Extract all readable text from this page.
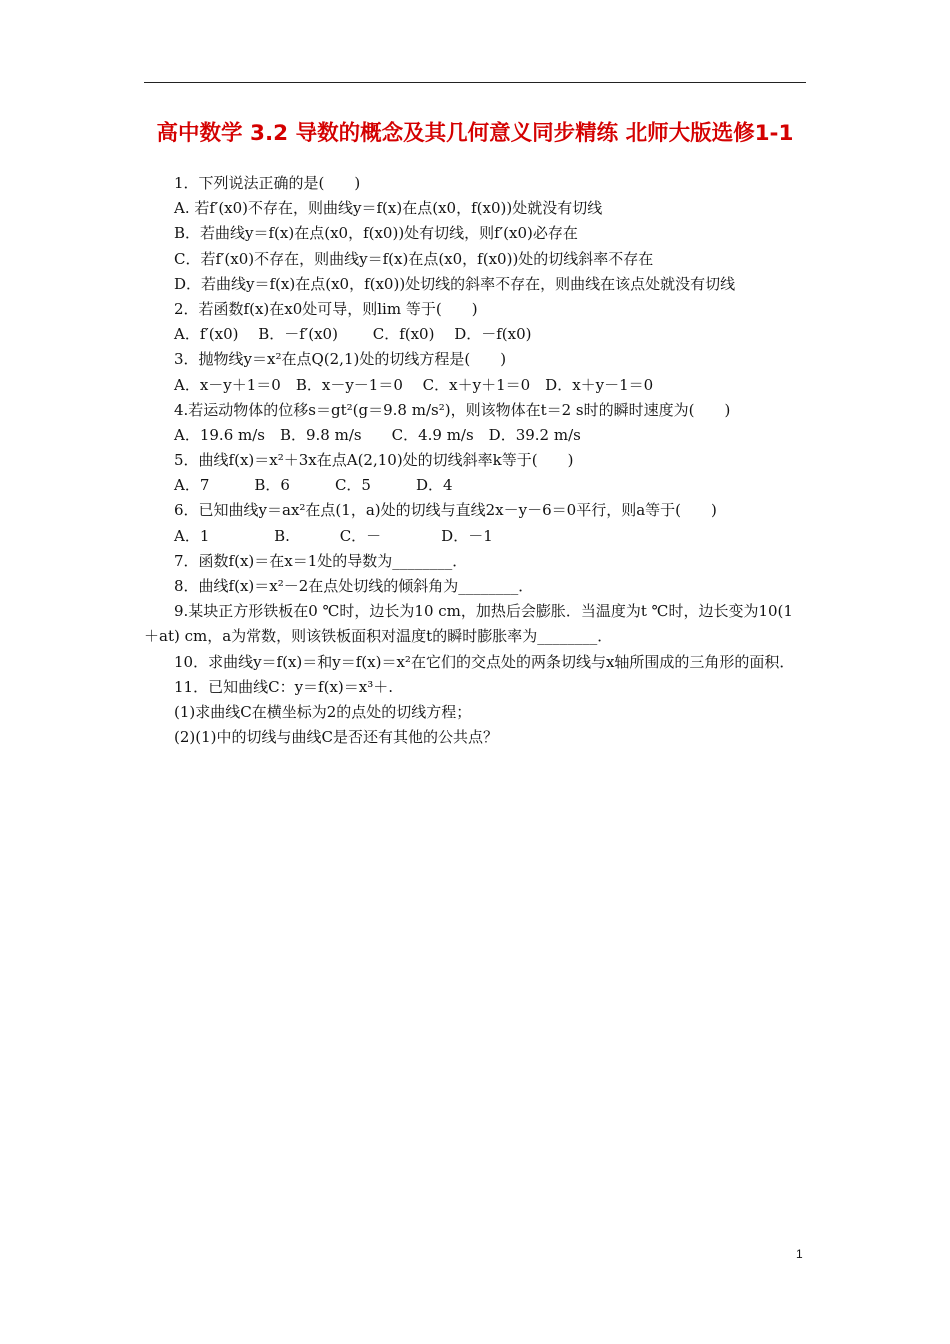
高中数学 3.2 导数的概念及其几何意义同步精练 北师大版选修1-1
1．下列说法正确的是(　　)
A. 若f′(x0)不存在，则曲线y＝f(x)在点(x0，f(x0))处就没有切线
B．若曲线y＝f(x)在点(x0，f(x0))处有切线，则f′(x0)必存在
C．若f′(x0)不存在，则曲线y＝f(x)在点(x0，f(x0))处的切线斜率不存在
D．若曲线y＝f(x)在点(x0，f(x0))处切线的斜率不存在，则曲线在该点处就没有切线
2．若函数f(x)在x0处可导，则lim 等于(　　)
A．f′(x0)　 B．－f′(x0)　　 C．f(x0)　 D．－f(x0)
3．抛物线y＝x²在点Q(2,1)处的切线方程是(　　)
A．x－y＋1＝0　B．x－y－1＝0　 C．x＋y＋1＝0　D．x＋y－1＝0
4.若运动物体的位移s＝gt²(g＝9.8 m/s²)，则该物体在t＝2 s时的瞬时速度为(　　)
A．19.6 m/s　B．9.8 m/s　　C．4.9 m/s　D．39.2 m/s
5．曲线f(x)＝x²＋3x在点A(2,10)处的切线斜率k等于(　　)
A．7　　　B．6　　　C．5　　　D．4
6．已知曲线y＝ax²在点(1，a)处的切线与直线2x－y－6＝0平行，则a等于(　　)
A．1　　　　 B.　　　 C．－　　　　D．－1
7．函数f(x)＝在x＝1处的导数为________．
8．曲线f(x)＝x²－2在点处切线的倾斜角为________．
9.某块正方形铁板在0 ℃时，边长为10 cm，加热后会膨胀．当温度为t ℃时，边长变为10(1＋at) cm，a为常数，则该铁板面积对温度t的瞬时膨胀率为________．
10．求曲线y＝f(x)＝和y＝f(x)＝x²在它们的交点处的两条切线与x轴所围成的三角形的面积．
11．已知曲线C：y＝f(x)＝x³＋.
(1)求曲线C在横坐标为2的点处的切线方程；
(2)(1)中的切线与曲线C是否还有其他的公共点？
1
